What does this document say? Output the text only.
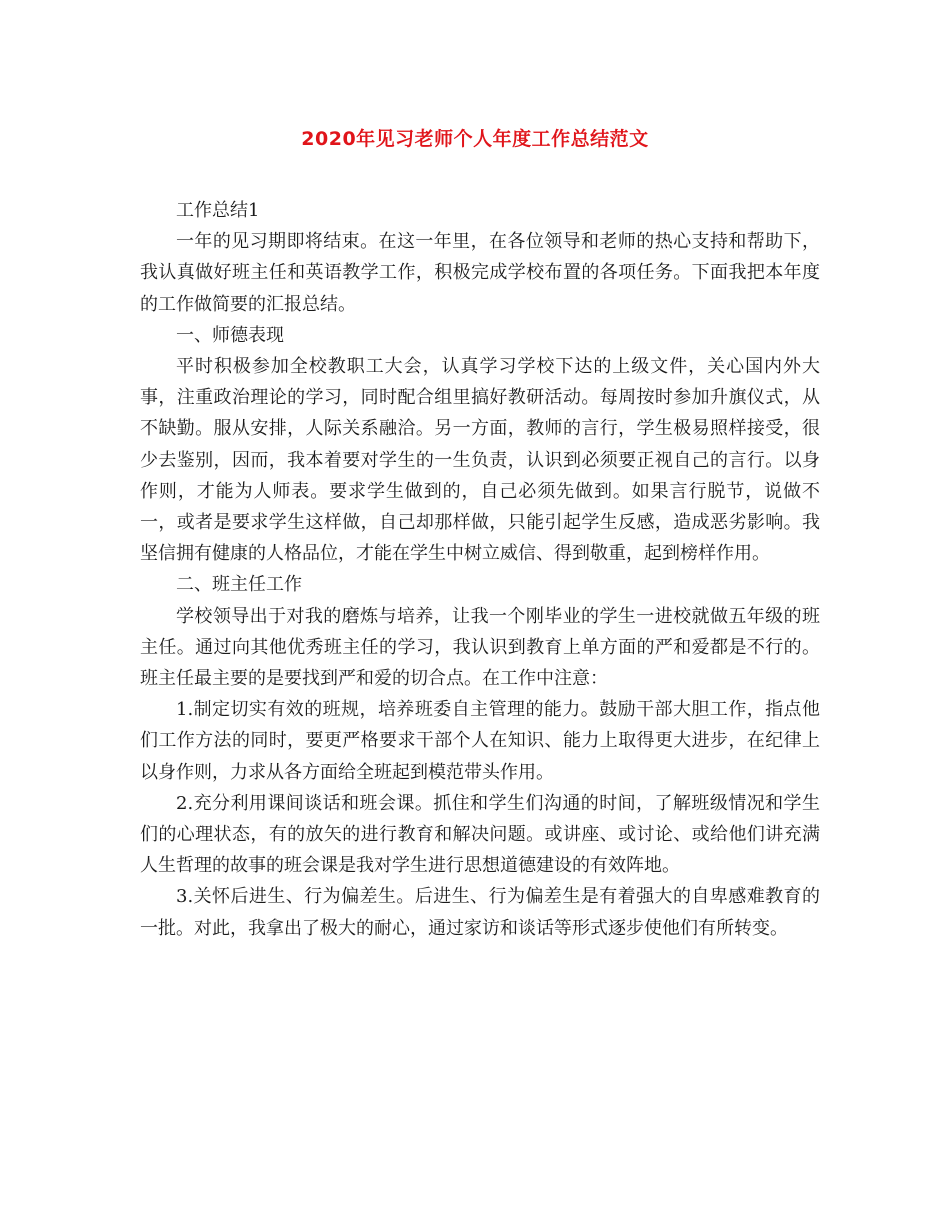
2020年见习老师个人年度工作总结范文

工作总结1

一年的见习期即将结束。在这一年里，在各位领导和老师的热心支持和帮助下，我认真做好班主任和英语教学工作，积极完成学校布置的各项任务。下面我把本年度的工作做简要的汇报总结。

一、师德表现

平时积极参加全校教职工大会，认真学习学校下达的上级文件，关心国内外大事，注重政治理论的学习，同时配合组里搞好教研活动。每周按时参加升旗仪式，从不缺勤。服从安排，人际关系融洽。另一方面，教师的言行，学生极易照样接受，很少去鉴别，因而，我本着要对学生的一生负责，认识到必须要正视自己的言行。以身作则，才能为人师表。要求学生做到的，自己必须先做到。如果言行脱节，说做不一，或者是要求学生这样做，自己却那样做，只能引起学生反感，造成恶劣影响。我坚信拥有健康的人格品位，才能在学生中树立威信、得到敬重，起到榜样作用。

二、班主任工作

学校领导出于对我的磨炼与培养，让我一个刚毕业的学生一进校就做五年级的班主任。通过向其他优秀班主任的学习，我认识到教育上单方面的严和爱都是不行的。班主任最主要的是要找到严和爱的切合点。在工作中注意：

1.制定切实有效的班规，培养班委自主管理的能力。鼓励干部大胆工作，指点他们工作方法的同时，要更严格要求干部个人在知识、能力上取得更大进步，在纪律上以身作则，力求从各方面给全班起到模范带头作用。

2.充分利用课间谈话和班会课。抓住和学生们沟通的时间，了解班级情况和学生们的心理状态，有的放矢的进行教育和解决问题。或讲座、或讨论、或给他们讲充满人生哲理的故事的班会课是我对学生进行思想道德建设的有效阵地。

3.关怀后进生、行为偏差生。后进生、行为偏差生是有着强大的自卑感难教育的一批。对此，我拿出了极大的耐心，通过家访和谈话等形式逐步使他们有所转变。
